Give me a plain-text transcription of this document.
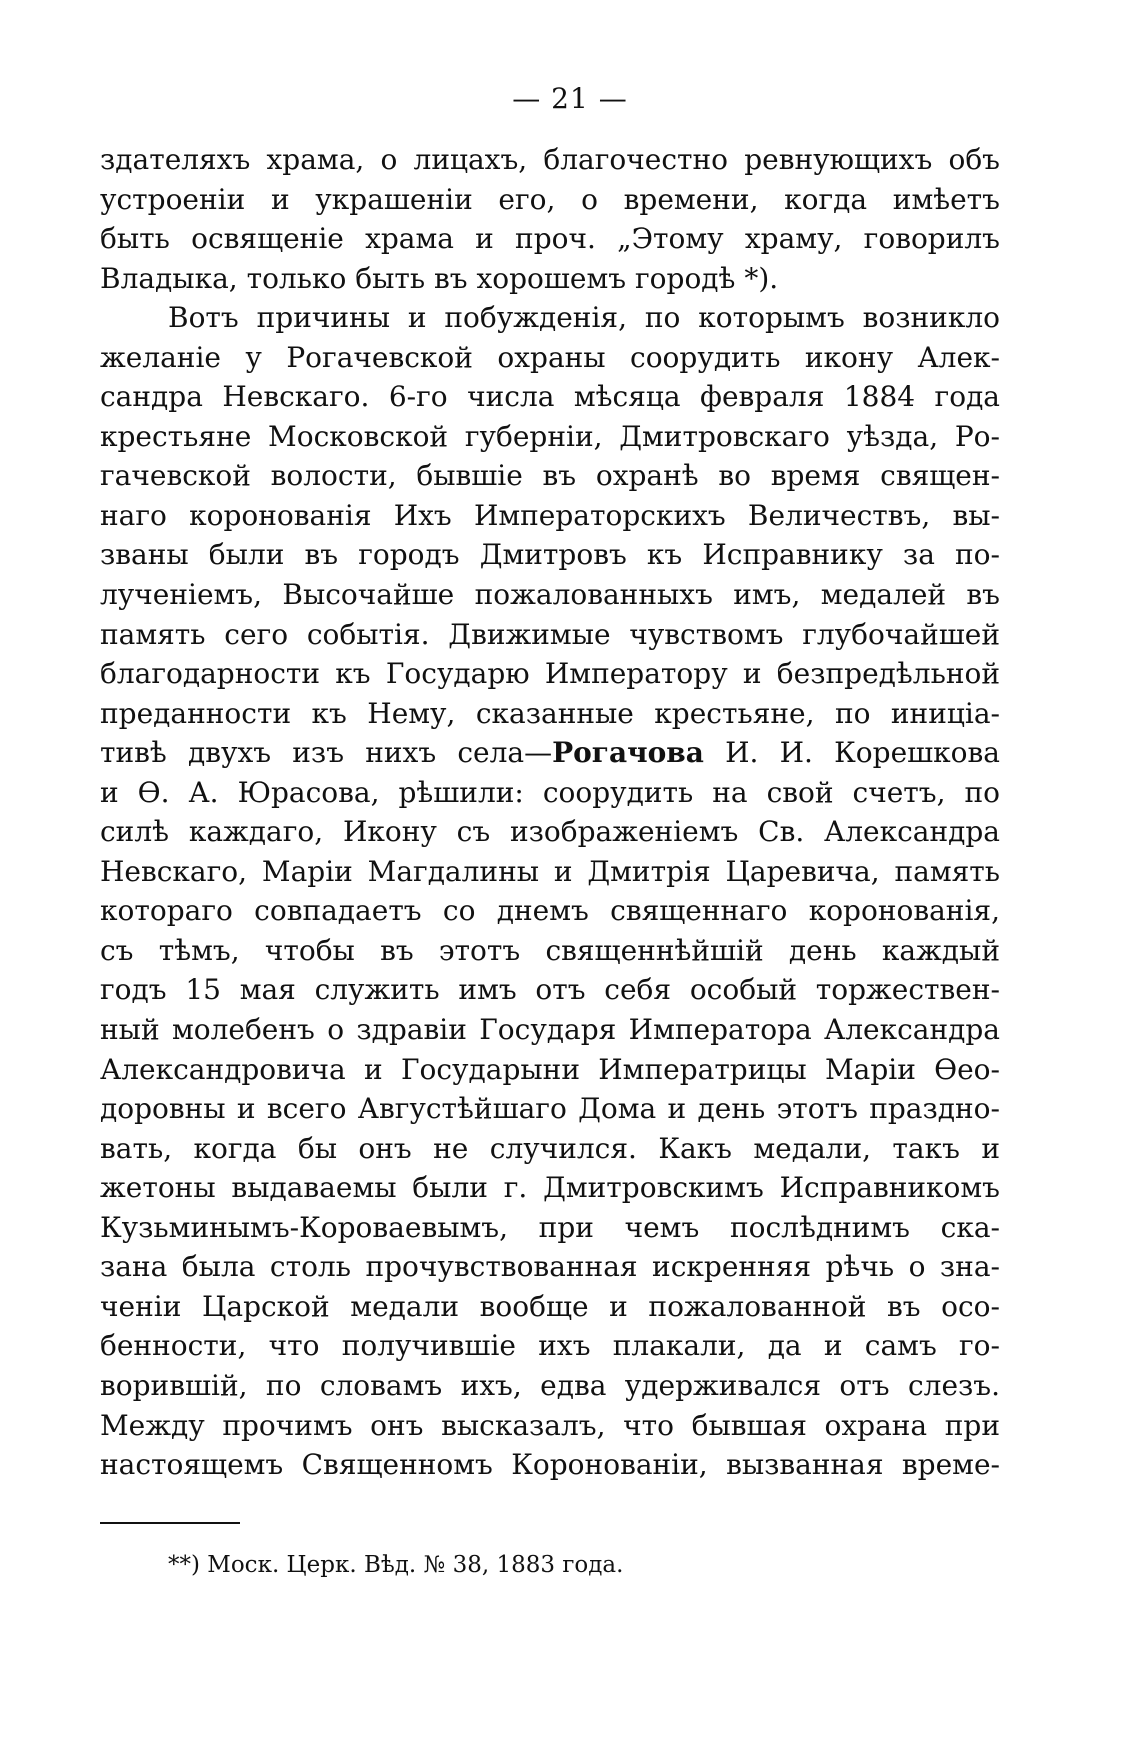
— 21 —
здателяхъ храма, о лицахъ, благочестно ревнующихъ объ
устроенiи и украшенiи его, о времени, когда имѣетъ
быть освященiе храма и проч. „Этому храму, говорилъ
Владыка, только быть въ хорошемъ городѣ *).
Вотъ причины и побужденiя, по которымъ возникло
желанiе у Рогачевской охраны соорудить икону Алек-
сандра Невскаго. 6-го числа мѣсяца февраля 1884 года
крестьяне Московской губернiи, Дмитровскаго уѣзда, Ро-
гачевской волости, бывшiе въ охранѣ во время священ-
наго коронованiя Ихъ Императорскихъ Величествъ, вы-
званы были въ городъ Дмитровъ къ Исправнику за по-
лученiемъ, Высочайше пожалованныхъ имъ, медалей въ
память сего событiя. Движимые чувствомъ глубочайшей
благодарности къ Государю Императору и безпредѣльной
преданности къ Нему, сказанные крестьяне, по иницiа-
тивѣ двухъ изъ нихъ села—Рогачова И. И. Корешкова
и Ѳ. А. Юрасова, рѣшили: соорудить на свой счетъ, по
силѣ каждаго, Икону съ изображенiемъ Св. Александра
Невскаго, Марiи Магдалины и Дмитрiя Царевича, память
котораго совпадаетъ со днемъ священнаго коронованiя,
съ тѣмъ, чтобы въ этотъ священнѣйшiй день каждый
годъ 15 мая служить имъ отъ себя особый торжествен-
ный молебенъ о здравiи Государя Императора Александра
Александровича и Государыни Императрицы Марiи Ѳео-
доровны и всего Августѣйшаго Дома и день этотъ праздно-
вать, когда бы онъ не случился. Какъ медали, такъ и
жетоны выдаваемы были г. Дмитровскимъ Исправникомъ
Кузьминымъ-Короваевымъ, при чемъ послѣднимъ ска-
зана была столь прочувствованная искренняя рѣчь о зна-
ченiи Царской медали вообще и пожалованной въ осо-
бенности, что получившiе ихъ плакали, да и самъ го-
ворившiй, по словамъ ихъ, едва удерживался отъ слезъ.
Между прочимъ онъ высказалъ, что бывшая охрана при
настоящемъ Священномъ Коронованiи, вызванная време-
**) Моск. Церк. Вѣд. № 38, 1883 года.
